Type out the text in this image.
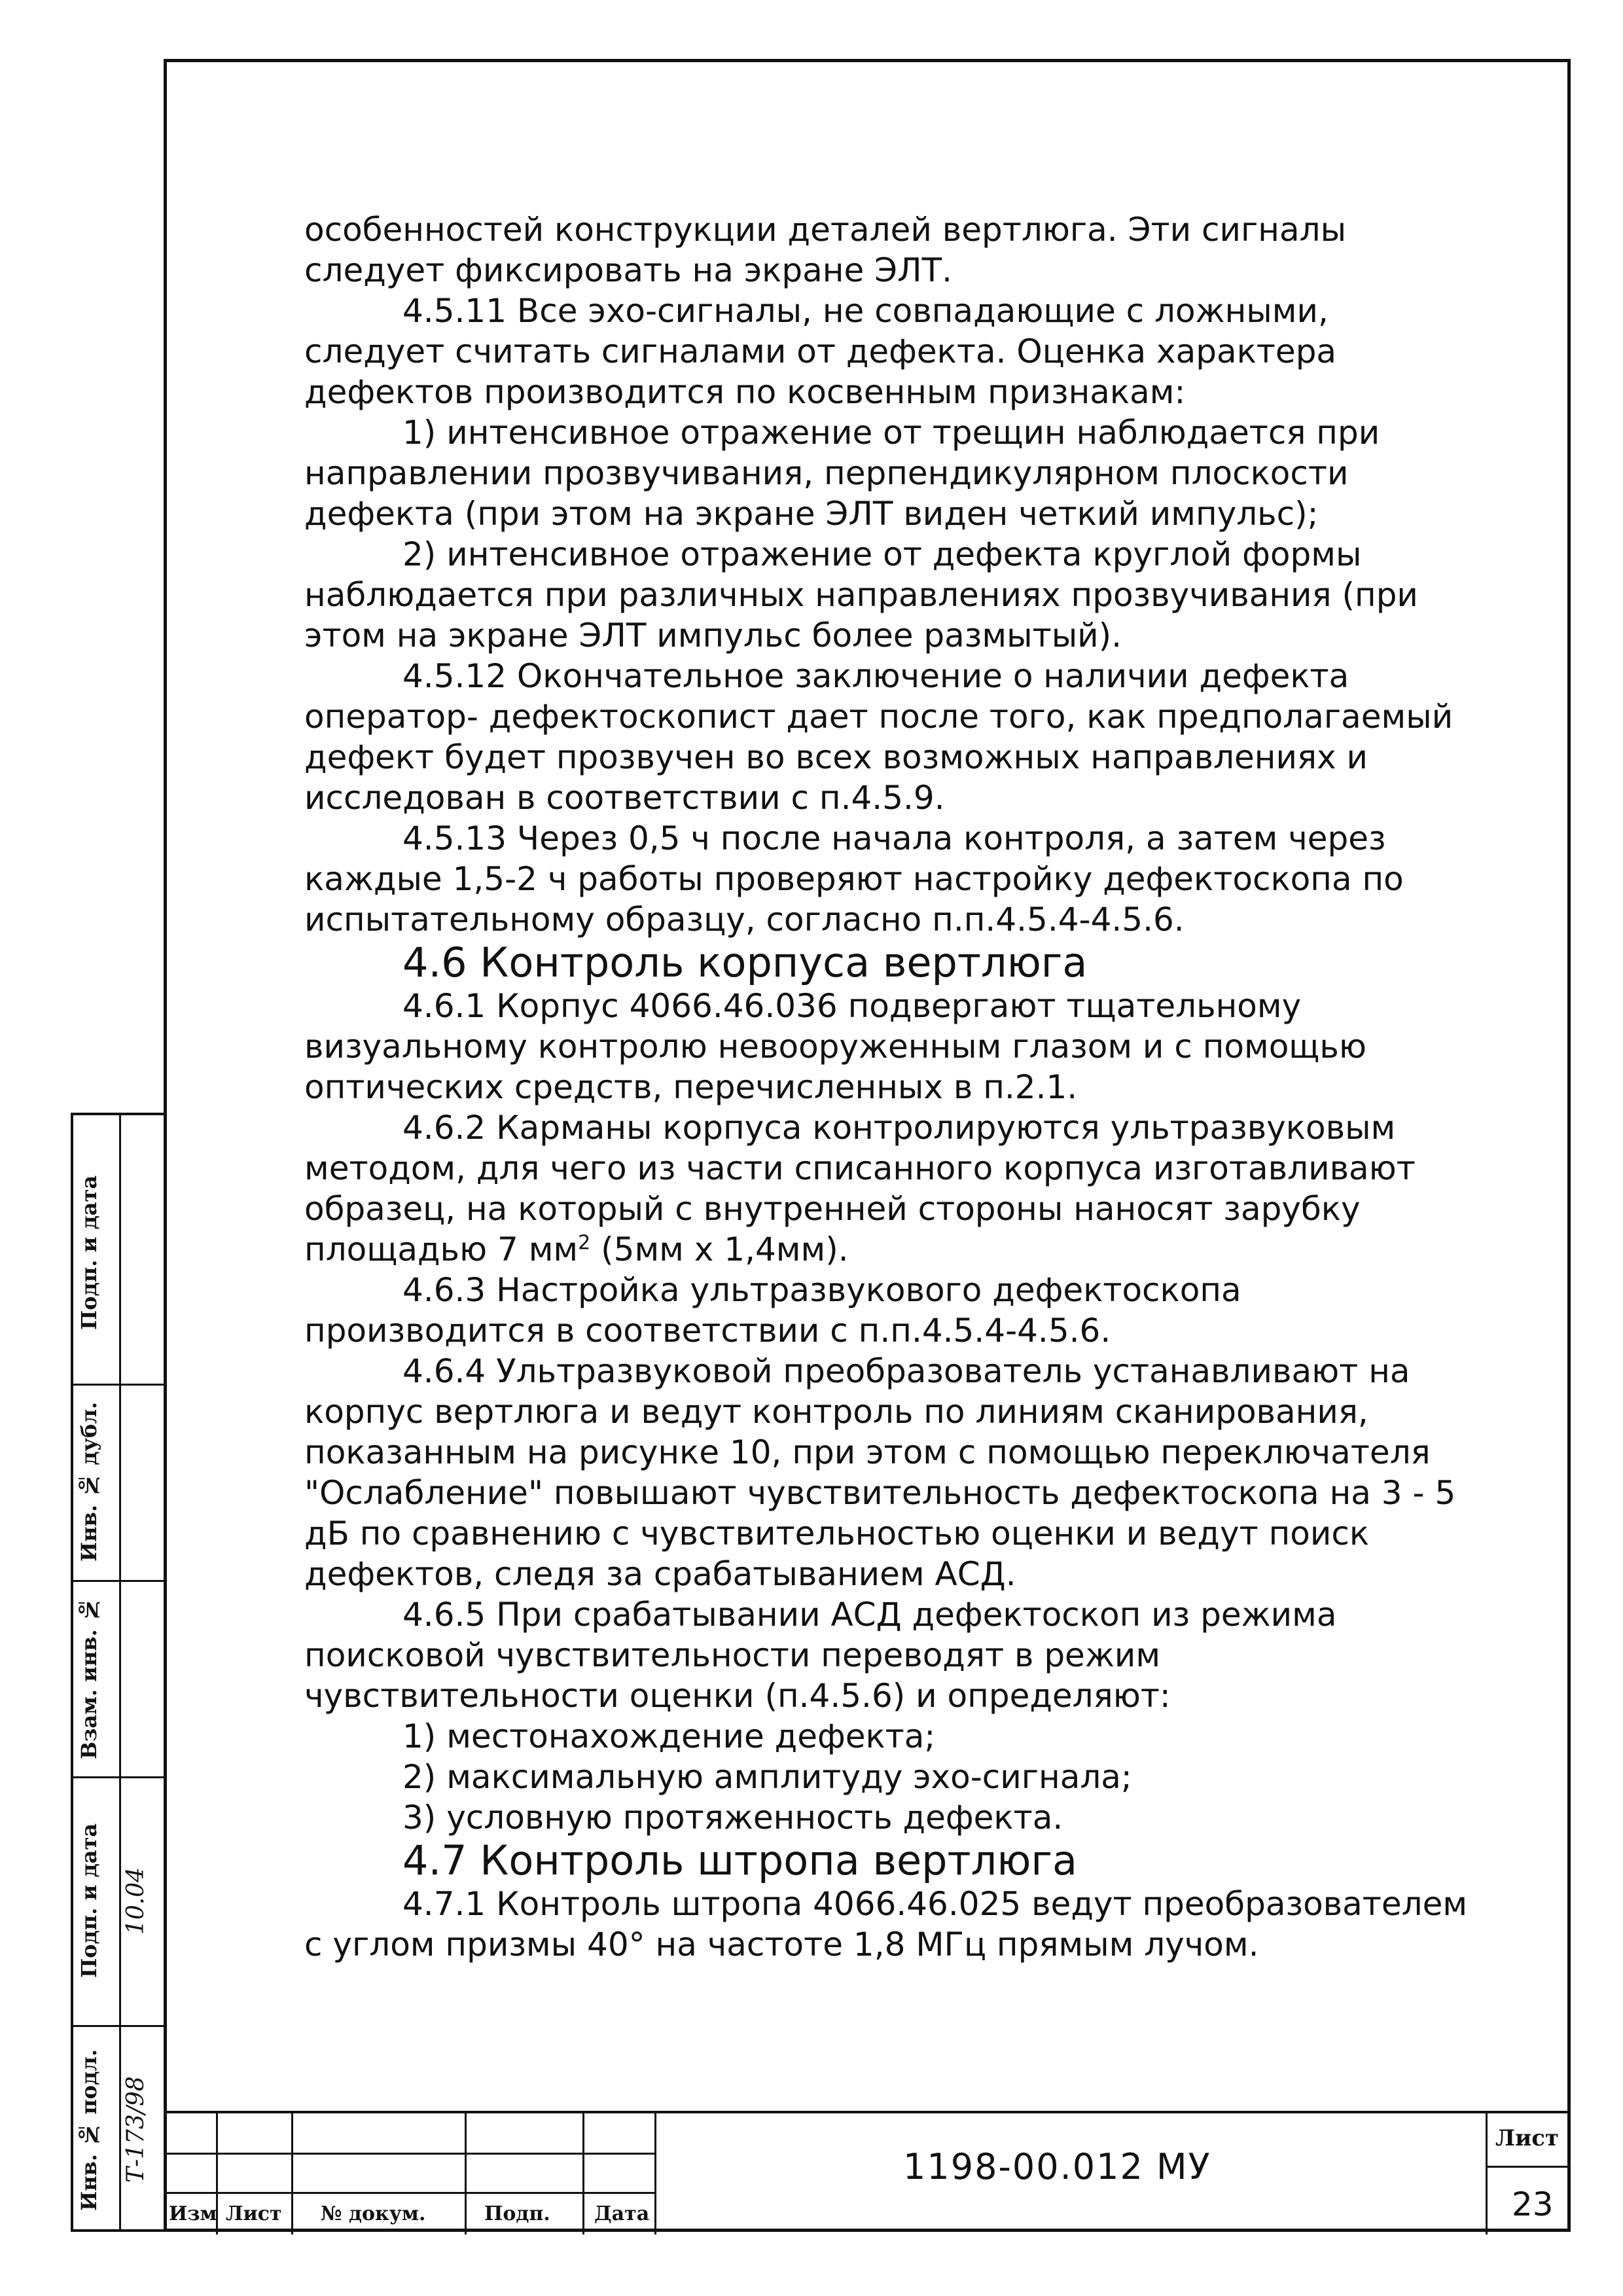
особенностей конструкции деталей вертлюга. Эти сигналы следует фиксировать на экране ЭЛТ.

4.5.11 Все эхо-сигналы, не совпадающие с ложными, следует считать сигналами от дефекта. Оценка характера дефектов производится по косвенным признакам:

1) интенсивное отражение от трещин наблюдается при направлении прозвучивания, перпендикулярном плоскости дефекта (при этом на экране ЭЛТ виден четкий импульс);

2) интенсивное отражение от дефекта круглой формы наблюдается при различных направлениях прозвучивания (при этом на экране ЭЛТ импульс более размытый).

4.5.12 Окончательное заключение о наличии дефекта оператор- дефектоскопист дает после того, как предполагаемый дефект будет прозвучен во всех возможных направлениях и исследован в соответствии с п.4.5.9.

4.5.13 Через 0,5 ч после начала контроля, а затем через каждые 1,5-2 ч работы проверяют настройку дефектоскопа по испытательному образцу, согласно п.п.4.5.4-4.5.6.

4.6 Контроль корпуса вертлюга

4.6.1 Корпус 4066.46.036 подвергают тщательному визуальному контролю невооруженным глазом и с помощью оптических средств, перечисленных в п.2.1.

4.6.2 Карманы корпуса контролируются ультразвуковым методом, для чего из части списанного корпуса изготавливают образец, на который с внутренней стороны наносят зарубку площадью 7 $мм^2$ (5мм х 1,4мм).

4.6.3 Настройка ультразвукового дефектоскопа производится в соответствии с п.п.4.5.4-4.5.6.

4.6.4 Ультразвуковой преобразователь устанавливают на корпус вертлюга и ведут контроль по линиям сканирования, показанным на рисунке 10, при этом с помощью переключателя "Ослабление" повышают чувствительность дефектоскопа на 3 - 5 дБ по сравнению с чувствительностью оценки и ведут поиск дефектов, следя за срабатыванием АСД.

4.6.5 При срабатывании АСД дефектоскоп из режима поисковой чувствительности переводят в режим чувствительности оценки (п.4.5.6) и определяют:

1) местонахождение дефекта;

2) максимальную амплитуду эхо-сигнала;

3) условную протяженность дефекта.

4.7 Контроль штропа вертлюга

4.7.1 Контроль штропа 4066.46.025 ведут преобразователем с углом призмы 40° на частоте 1,8 МГц прямым лучом.

Подп. и дата
Инв. № дубл.
Взам. инв. №
Подп. и дата
Инв. № подл.
10.04
Т-173/98
Изм Лист № докум.	Подп. Дата
1198-00.012 МУ
Лист
23
